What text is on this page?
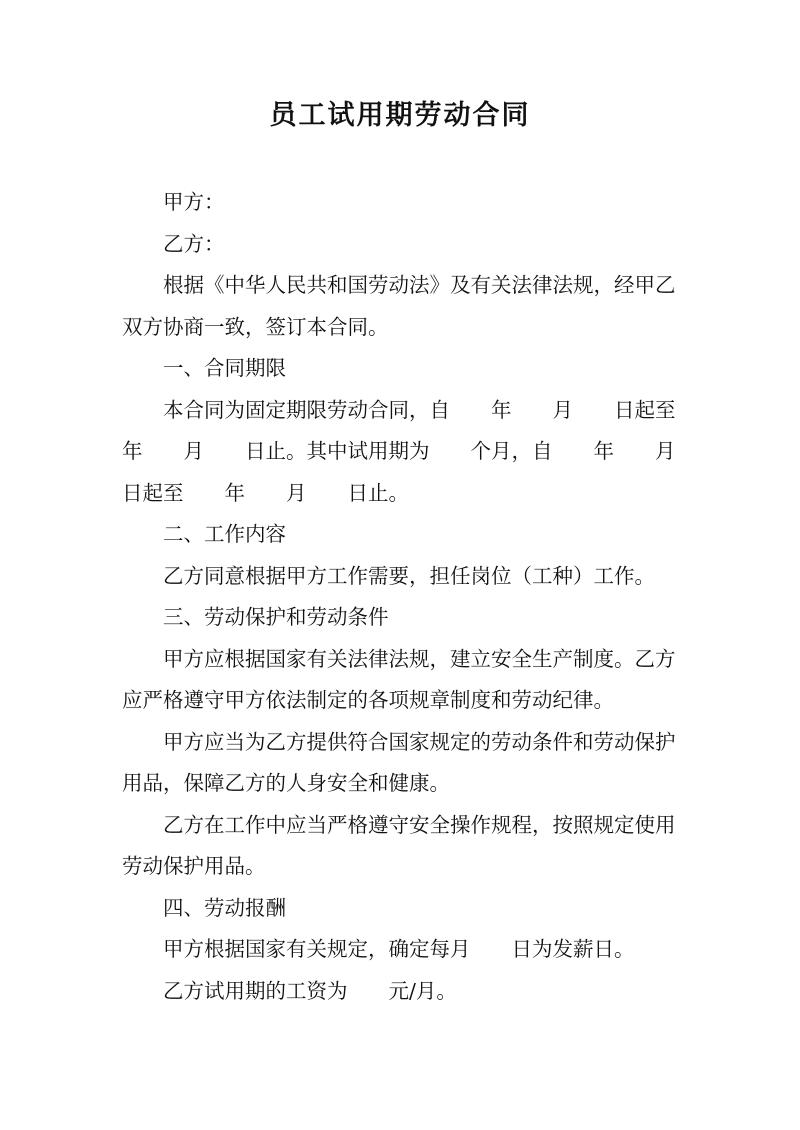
员工试用期劳动合同

甲方：

乙方：

根据《中华人民共和国劳动法》及有关法律法规，经甲乙双方协商一致，签订本合同。

一、合同期限

本合同为固定期限劳动合同，自　　年　　月　　日起至年　　月　　日止。其中试用期为　　个月，自　　年　　月　　日起至　　年　　月　　日止。

二、工作内容

乙方同意根据甲方工作需要，担任岗位（工种）工作。

三、劳动保护和劳动条件

甲方应根据国家有关法律法规，建立安全生产制度。乙方应严格遵守甲方依法制定的各项规章制度和劳动纪律。

甲方应当为乙方提供符合国家规定的劳动条件和劳动保护用品，保障乙方的人身安全和健康。

乙方在工作中应当严格遵守安全操作规程，按照规定使用劳动保护用品。

四、劳动报酬

甲方根据国家有关规定，确定每月　　日为发薪日。

乙方试用期的工资为　　元/月。
